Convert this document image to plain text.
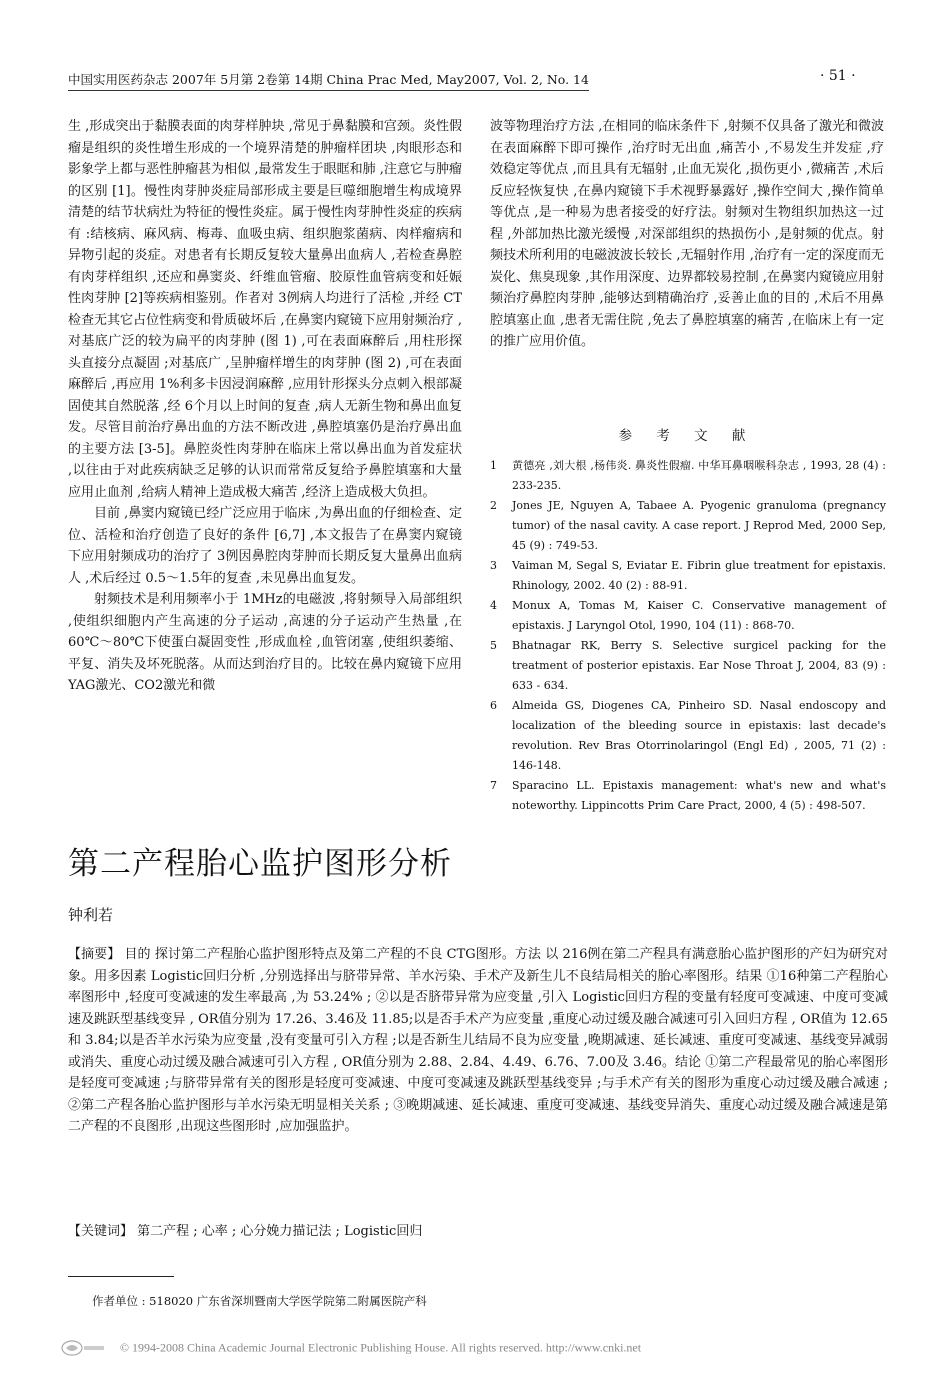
中国实用医药杂志 2007年 5月第 2卷第 14期 China Prac Med, May2007, Vol. 2, No. 14	· 51 ·

生 ,形成突出于黏膜表面的肉芽样肿块 ,常见于鼻黏膜和宫颈。炎性假瘤是组织的炎性增生形成的一个境界清楚的肿瘤样团块 ,肉眼形态和影象学上都与恶性肿瘤甚为相似 ,最常发生于眼眶和肺 ,注意它与肿瘤的区别 [1]。慢性肉芽肿炎症局部形成主要是巨噬细胞增生构成境界清楚的结节状病灶为特征的慢性炎症。属于慢性肉芽肿性炎症的疾病有 :结核病、麻风病、梅毒、血吸虫病、组织胞浆菌病、肉样瘤病和异物引起的炎症。对患者有长期反复较大量鼻出血病人 ,若检查鼻腔有肉芽样组织 ,还应和鼻窦炎、纤维血管瘤、胶原性血管病变和妊娠性肉芽肿 [2]等疾病相鉴别。作者对 3例病人均进行了活检 ,并经 CT检查无其它占位性病变和骨质破坏后 ,在鼻窦内窥镜下应用射频治疗 ,对基底广泛的较为扁平的肉芽肿 (图 1) ,可在表面麻醉后 ,用柱形探头直接分点凝固 ;对基底广 ,呈肿瘤样增生的肉芽肿 (图 2) ,可在表面麻醉后 ,再应用 1%利多卡因浸润麻醉 ,应用针形探头分点刺入根部凝固使其自然脱落 ,经 6个月以上时间的复查 ,病人无新生物和鼻出血复发。尽管目前治疗鼻出血的方法不断改进 ,鼻腔填塞仍是治疗鼻出血的主要方法 [3-5]。鼻腔炎性肉芽肿在临床上常以鼻出血为首发症状 ,以往由于对此疾病缺乏足够的认识而常常反复给予鼻腔填塞和大量应用止血剂 ,给病人精神上造成极大痛苦 ,经济上造成极大负担。

目前 ,鼻窦内窥镜已经广泛应用于临床 ,为鼻出血的仔细检查、定位、活检和治疗创造了良好的条件 [6,7] ,本文报告了在鼻窦内窥镜下应用射频成功的治疗了 3例因鼻腔肉芽肿而长期反复大量鼻出血病人 ,术后经过 0.5～1.5年的复查 ,未见鼻出血复发。

射频技术是利用频率小于 1MHz的电磁波 ,将射频导入局部组织 ,使组织细胞内产生高速的分子运动 ,高速的分子运动产生热量 ,在 60℃～80℃下使蛋白凝固变性 ,形成血栓 ,血管闭塞 ,使组织萎缩、平复、消失及坏死脱落。从而达到治疗目的。比较在鼻内窥镜下应用 YAG激光、CO2激光和微

波等物理治疗方法 ,在相同的临床条件下 ,射频不仅具备了激光和微波在表面麻醉下即可操作 ,治疗时无出血 ,痛苦小 ,不易发生并发症 ,疗效稳定等优点 ,而且具有无辐射 ,止血无炭化 ,损伤更小 ,微痛苦 ,术后反应轻恢复快 ,在鼻内窥镜下手术视野暴露好 ,操作空间大 ,操作简单等优点 ,是一种易为患者接受的好疗法。射频对生物组织加热这一过程 ,外部加热比激光缓慢 ,对深部组织的热损伤小 ,是射频的优点。射频技术所利用的电磁波波长较长 ,无辐射作用 ,治疗有一定的深度而无炭化、焦臭现象 ,其作用深度、边界都较易控制 ,在鼻窦内窥镜应用射频治疗鼻腔肉芽肿 ,能够达到精确治疗 ,妥善止血的目的 ,术后不用鼻腔填塞止血 ,患者无需住院 ,免去了鼻腔填塞的痛苦 ,在临床上有一定的推广应用价值。

参 考 文 献
1	黄德亮 ,刘大根 ,杨伟炎. 鼻炎性假瘤. 中华耳鼻咽喉科杂志 , 1993, 28 (4) : 233-235.
2	Jones JE, Nguyen A, Tabaee A. Pyogenic granuloma (pregnancy tumor) of the nasal cavity. A case report. J Reprod Med, 2000 Sep, 45 (9) : 749-53.
3	Vaiman M, Segal S, Eviatar E. Fibrin glue treatment for epistaxis. Rhinology, 2002. 40 (2) : 88-91.
4	Monux A, Tomas M, Kaiser C. Conservative management of epistaxis. J Laryngol Otol, 1990, 104 (11) : 868-70.
5	Bhatnagar RK, Berry S. Selective surgicel packing for the treatment of posterior epistaxis. Ear Nose Throat J, 2004, 83 (9) : 633 - 634.
6	Almeida GS, Diogenes CA, Pinheiro SD. Nasal endoscopy and localization of the bleeding source in epistaxis: last decade's revolution. Rev Bras Otorrinolaringol (Engl Ed) , 2005, 71 (2) : 146-148.
7	Sparacino LL. Epistaxis management: what's new and what's noteworthy. Lippincotts Prim Care Pract, 2000, 4 (5) : 498-507.
第二产程胎心监护图形分析
钟利若

【摘要】 目的 探讨第二产程胎心监护图形特点及第二产程的不良 CTG图形。方法 以 216例在第二产程具有满意胎心监护图形的产妇为研究对象。用多因素 Logistic回归分析 ,分别选择出与脐带异常、羊水污染、手术产及新生儿不良结局相关的胎心率图形。结果 ①16种第二产程胎心率图形中 ,轻度可变减速的发生率最高 ,为 53.24% ; ②以是否脐带异常为应变量 ,引入 Logistic回归方程的变量有轻度可变减速、中度可变减速及跳跃型基线变异 , OR值分别为 17.26、3.46及 11.85;以是否手术产为应变量 ,重度心动过缓及融合减速可引入回归方程 , OR值为 12.65和 3.84;以是否羊水污染为应变量 ,没有变量可引入方程 ;以是否新生儿结局不良为应变量 ,晚期减速、延长减速、重度可变减速、基线变异减弱或消失、重度心动过缓及融合减速可引入方程 , OR值分别为 2.88、2.84、4.49、6.76、7.00及 3.46。结论 ①第二产程最常见的胎心率图形是轻度可变减速 ;与脐带异常有关的图形是轻度可变减速、中度可变减速及跳跃型基线变异 ;与手术产有关的图形为重度心动过缓及融合减速 ; ②第二产程各胎心监护图形与羊水污染无明显相关关系 ; ③晚期减速、延长减速、重度可变减速、基线变异消失、重度心动过缓及融合减速是第二产程的不良图形 ,出现这些图形时 ,应加强监护。

【关键词】 第二产程 ; 心率 ; 心分娩力描记法 ; Logistic回归
作者单位 : 518020 广东省深圳暨南大学医学院第二附属医院产科
© 1994-2008 China Academic Journal Electronic Publishing House. All rights reserved. http://www.cnki.net
